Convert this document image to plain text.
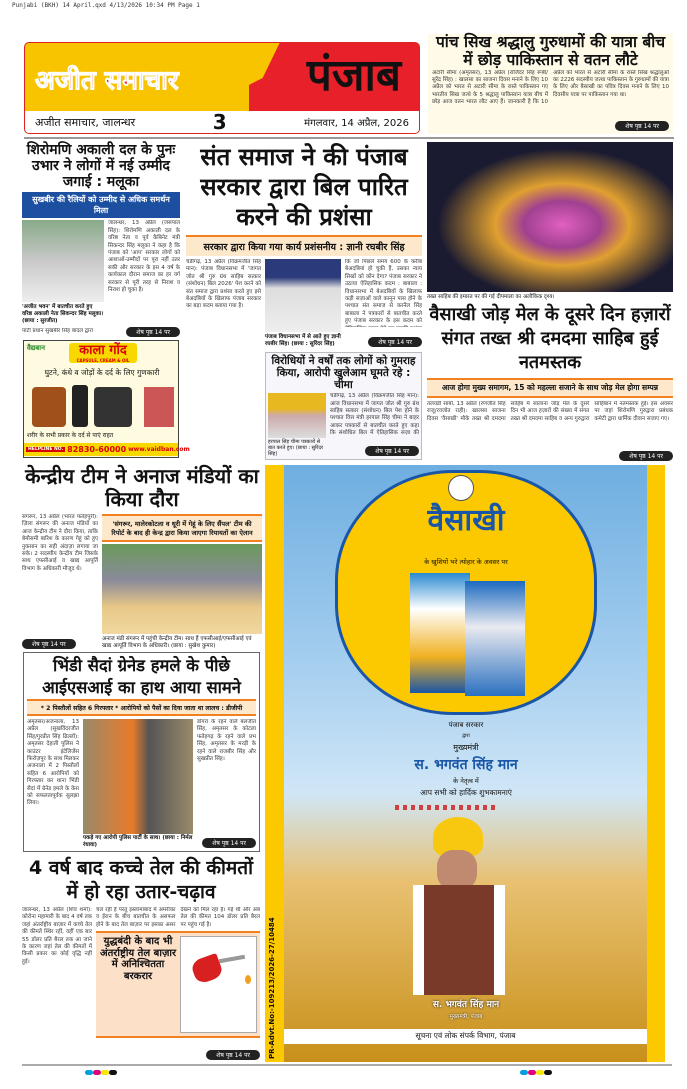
Punjabi (BKH) 14 April.qxd 4/13/2026 10:34 PM Page 1
अजीत समाचार	पंजाब
अजीत समाचार, जालन्धर	3	मंगलवार, 14 अप्रैल, 2026
पांच सिख श्रद्धालु गुरुधामों की यात्रा बीच में छोड़ पाकिस्तान से वतन लौटे
अटारी सीमा (अमृतसर), 13 अप्रैल (राजिंदर सिंह रूबी/सुरेंद्र सिंह) : खालसा का साजना दिवस मनाने के लिए 10 अप्रैल को भारत से अटारी सीमा के रास्ते पाकिस्तान गए भारतीय सिख जत्थे के 5 श्रद्धालु पाकिस्तान यात्रा बीच में छोड़ आज वतन भारत लौट आए हैं। जानकारी है कि 10 अप्रैल को भारत से अटारी सीमा के रास्ते सिख श्रद्धालुओं का 2226 सदस्यीय जत्था पाकिस्तान के गुरुधामों की यात्रा के लिए और बैसाखी का पवित्र दिवस मनाने के लिए 10 दिवसीय यात्रा पर पाकिस्तान गया था।
शेष पृष्ठ 14 पर
शिरोमणि अकाली दल के पुनः उभार ने लोगों में नई उम्मीद जगाई : मलूका
सुखबीर की रैलियों को उम्मीद से अधिक समर्थन मिला
'अजीत भवन' में बातचीत करते हुए वरिष्ठ अकाली नेता सिकन्दर सिंह मलूका। (छाया : सुरजीत)
जालन्धर, 13 अप्रैल (जसपाल सिंह): शिरोमणि अकाली दल के वरिष्ठ नेता व पूर्व कैबिनेट मंत्री सिकन्दर सिंह मलूका ने कहा है कि पंजाब को 'आप' सरकार लोगों को आशाओं-उम्मीदों पर पूरा नहीं उतर सकी और सरकार के इस 4 वर्ष के कार्यकाल दौरान समाज का हर वर्ग सरकार से पूरी तरह से निराश व निराश हो चुका है।
पार्टी प्रधान सुखबीर सिंह बादल द्वारा	शेष पृष्ठ 14 पर
संत समाज ने की पंजाब सरकार द्वारा बिल पारित करने की प्रशंसा
सरकार द्वारा किया गया कार्य प्रशंसनीय : ज्ञानी रघबीर सिंह
चंडीगढ़, 13 अप्रैल (विक्रमजीत सिंह मान): पंजाब विधानसभा में 'जागत जोत श्री गुरु ग्रंथ साहिब सत्कार (संशोधन) बिल 2026' पेश करने को संत समाज द्वारा प्रशंसा करते हुए इसे बेअदबियों के खिलाफ पंजाब सरकार का बड़ा कदम बताया गया है।
पंजाब विधानसभा में से आते हुए ज्ञानी रघबीर सिंह। (छाया : सुरिंदर सिंह)
कि जो पिछले समय 600 के करीब बेअदबियां हो चुकी हैं, उसका न्याय सिखों को कौन देगा? पंजाब सरकार ने उठाया ऐतिहासिक कदम : बाबाला : विधानसभा में बेअदबियों के खिलाफ कड़ी सज़ाओं वाले कानून पास होने के पश्चात संत समाज से करनैल सिंह बाबाला ने पत्रकारों से बातचीत करते हुए पंजाब सरकार के इस कदम को
शेष पृष्ठ 14 पर
विरोधियों ने वर्षों तक लोगों को गुमराह किया, आरोपी खुलेआम घूमते रहे : चीमा
हरपाल सिंह चीमा पत्रकारों से बात करते हुए। (छाया : सुरिंदर सिंह)
चंडीगढ़, 13 अप्रैल (विक्रमजीत सिंह मान): आज विधानसभा में जागत जोत श्री गुरु ग्रंथ साहिब सत्कार (संशोधन) बिल पेश होने के पश्चात वित्त मंत्री हरपाल सिंह चीमा ने बाहर आकर पत्रकारों से बातचीत करते हुए कहा कि संशोधित बिल में ऐतिहासिक सज़ा की
शेष पृष्ठ 14 पर
वैद्यबान	काला गोंद
CAPSULE, CREAM & OIL
घुटने, कंधे व जोड़ों के दर्द के लिए गुणकारी
शरीर के सभी प्रकार के दर्द से पाएं राहत
HELPLINE NO. 82830-60000 www.vaidban.com
तख्त साहिब की इमारत पर की गई दीपमाला का अलौकिक दृश्य।
वैसाखी जोड़ मेल के दूसरे दिन हज़ारों संगत तख्त श्री दमदमा साहिब हुई नतमस्तक
आज होगा मुख्य समागम, 15 को महल्ला सजाने के साथ जोड़ मेल होगा सम्पन्न
तलवंडी साबो, 13 अप्रैल (रणजीत सिंह राजू/रवजोत राही): खालसा साजना दिवस 'वैसाखी' मौके तख्त श्री दमदमा साहिब में सालाना जोड़ मेल के दूसरे दिन भी आज हज़ारों की संख्या में संगत तख्त श्री दमदमा साहिब व अन्य गुरुद्वारा साहिबान में नतमस्तक हुई। इस अवसर पर जहां शिरोमणि गुरुद्वारा प्रबंधक कमेटी द्वारा धार्मिक दीवान सजाए गए।
शेष पृष्ठ 14 पर
केन्द्रीय टीम ने अनाज मंडियों का किया दौरा
संगरूर, 13 अप्रैल (भारत फतेहपुरी): ज़िला संगरूर की अनाज मंडियों का आज केन्द्रीय टीम ने दौरा किया, ताकि बेमौसमी बारिश के कारण गेहूं को हुए नुकसान का सही अंदाज़ा लगाया जा सके। 2 सदस्यीय केन्द्रीय टीम जिसके साथ एफसीआई व खाद्य आपूर्ति विभाग के अधिकारी मौजूद थे।
शेष पृष्ठ 14 पर
'संगरूर, मालेरकोटला व धूरी में गेहूं के लिए सैंपल' टीम की रिपोर्ट के बाद ही केन्द्र द्वारा किया जाएगा रियायतों का ऐलान
अनाज मंडी संगरूर में पहुंची केन्द्रीय टीम। साथ हैं एफसीआई/एफसीआई एवं खाद्य आपूर्ति विभाग के अधिकारी। (छाया : सुखेश कुमार)
भिंडी सैदां ग्रेनेड हमले के पीछे आईएसआई का हाथ आया सामने
* 2 पिस्तौलों सहित 6 गिरफ्तार * आरोपियों को पैसों का दिया जाता था लालच : डीजीपी
अमृतसर/अजनाला, 13 अप्रैल (सुखविंदरजीत सिंह/गुरप्रीत सिंह ढिल्लों): अमृतसर देहाती पुलिस ने काउंटर इंटेलिजेंस फिरोज़पुर के साथ मिलकर अजनाला में 2 पिस्तौलों सहित 6 आरोपियों को गिरफ्तार कर थाना भिंडी सैदां में ग्रेनेड हमले के केस को सफलतापूर्वक सुलझा लिया।
पकड़े गए आरोपी पुलिस पार्टी के साथ। (छाया : निर्मल रंधावा)
डोगरां के रहने वाले बलजीत सिंह, अमृतसर के कोटला फतेहगढ़ के रहने वाले प्रभ सिंह, अमृतसर के मरड़ी के रहने वाले राजबीर सिंह और सुखप्रीत सिंह।
शेष पृष्ठ 14 पर
4 वर्ष बाद कच्चे तेल की कीमतों में हो रहा उतार-चढ़ाव
जालन्धर, 13 अप्रैल (शिव शर्मा): कोरोना महामारी के बाद 4 वर्ष तक जहां अंतर्राष्ट्रीय बाज़ार में कच्चे तेल की कीमतें स्थिर रहीं, वहीं एक बार 55 डॉलर प्रति बैरल तक आ जाने के कारण जहां तेल की कीमतों में किसी प्रकार का कोई वृद्धि नहीं हुई।
चल रही है परंतु इस्लामाबाद में अमरीका व ईरान के बीच बातचीत के असफल होने के बाद तेल बाज़ार पर इसका असर देखने को मिल रहा है। गई थी और अब तेल की कीमत 104 डॉलर प्रति बैरल पर पहुंच गई है।
युद्धबंदी के बाद भी अंतर्राष्ट्रीय तेल बाज़ार में अनिश्चितता बरकरार
शेष पृष्ठ 14 पर
वैसाखी
के खुशियों भरे त्योहार के अवसर पर
पंजाब सरकार
द्वारा
मुख्यमंत्री
स. भगवंत सिंह मान
के नेतृत्व में
आप सभी को हार्दिक शुभकामनाएं
स. भगवंत सिंह मान
मुख्यमंत्री, पंजाब
सूचना एवं लोक संपर्क विभाग, पंजाब
PR-Advt.No:-109213/2026-27/10484
